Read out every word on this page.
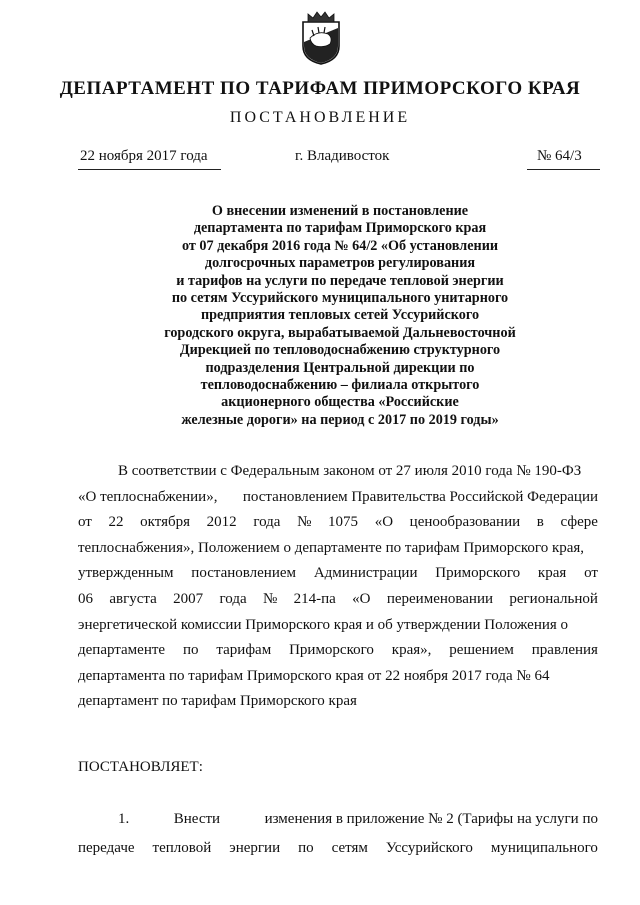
ДЕПАРТАМЕНТ ПО ТАРИФАМ ПРИМОРСКОГО КРАЯ
ПОСТАНОВЛЕНИЕ
22 ноября 2017 года	г. Владивосток	№ 64/3
О внесении изменений в постановление
департамента по тарифам Приморского края
от 07 декабря 2016 года № 64/2 «Об установлении
долгосрочных параметров регулирования
и тарифов на услуги по передаче тепловой энергии
по сетям Уссурийского муниципального унитарного
предприятия тепловых сетей Уссурийского
городского округа, вырабатываемой Дальневосточной
Дирекцией по тепловодоснабжению структурного
подразделения Центральной дирекции по
тепловодоснабжению – филиала открытого
акционерного общества «Российские
железные дороги» на период с 2017 по 2019 годы»
В соответствии с Федеральным законом от 27 июля 2010 года № 190-ФЗ
«О теплоснабжении», постановлением Правительства Российской Федерации
от 22 октября 2012 года № 1075 «О ценообразовании в сфере
теплоснабжения», Положением о департаменте по тарифам Приморского края,
утвержденным постановлением Администрации Приморского края от
06 августа 2007 года № 214-па «О переименовании региональной
энергетической комиссии Приморского края и об утверждении Положения о
департаменте по тарифам Приморского края», решением правления
департамента по тарифам Приморского края от 22 ноября 2017 года № 64
департамент по тарифам Приморского края
ПОСТАНОВЛЯЕТ:
1.	Внести	изменения в приложение № 2 (Тарифы на услуги по
передаче тепловой энергии по сетям Уссурийского муниципального
